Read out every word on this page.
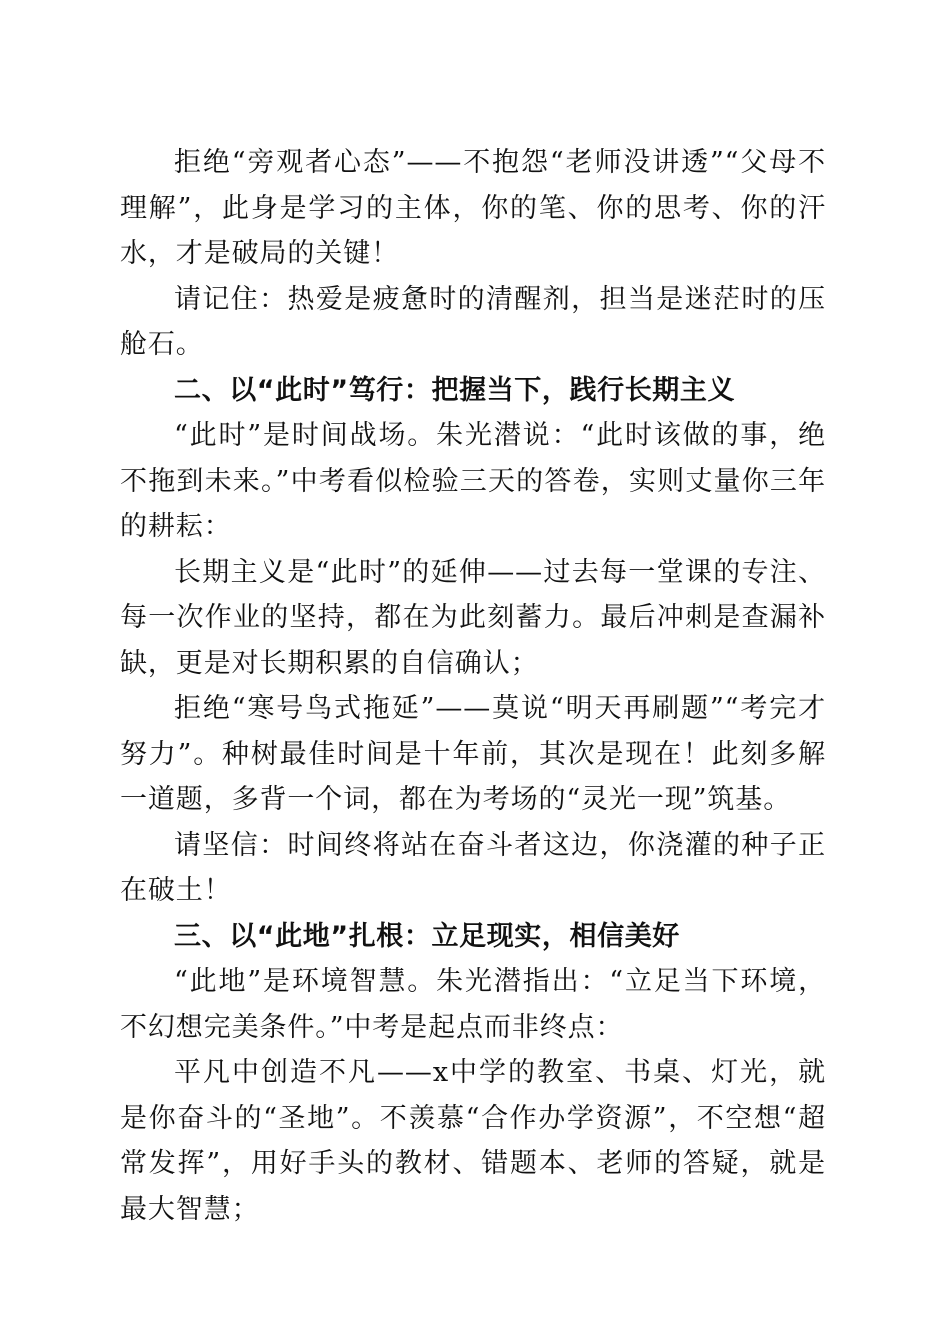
拒绝“旁观者心态”——不抱怨“老师没讲透”“父母不理解”，此身是学习的主体，你的笔、你的思考、你的汗水，才是破局的关键！

请记住：热爱是疲惫时的清醒剂，担当是迷茫时的压舱石。

二、以“此时”笃行：把握当下，践行长期主义

“此时”是时间战场。朱光潜说：“此时该做的事，绝不拖到未来。”中考看似检验三天的答卷，实则丈量你三年的耕耘：

长期主义是“此时”的延伸——过去每一堂课的专注、每一次作业的坚持，都在为此刻蓄力。最后冲刺是查漏补缺，更是对长期积累的自信确认；

拒绝“寒号鸟式拖延”——莫说“明天再刷题”“考完才努力”。种树最佳时间是十年前，其次是现在！此刻多解一道题，多背一个词，都在为考场的“灵光一现”筑基。

请坚信：时间终将站在奋斗者这边，你浇灌的种子正在破土！

三、以“此地”扎根：立足现实，相信美好

“此地”是环境智慧。朱光潜指出：“立足当下环境，不幻想完美条件。”中考是起点而非终点：

平凡中创造不凡——x中学的教室、书桌、灯光，就是你奋斗的“圣地”。不羡慕“合作办学资源”，不空想“超常发挥”，用好手头的教材、错题本、老师的答疑，就是最大智慧；
